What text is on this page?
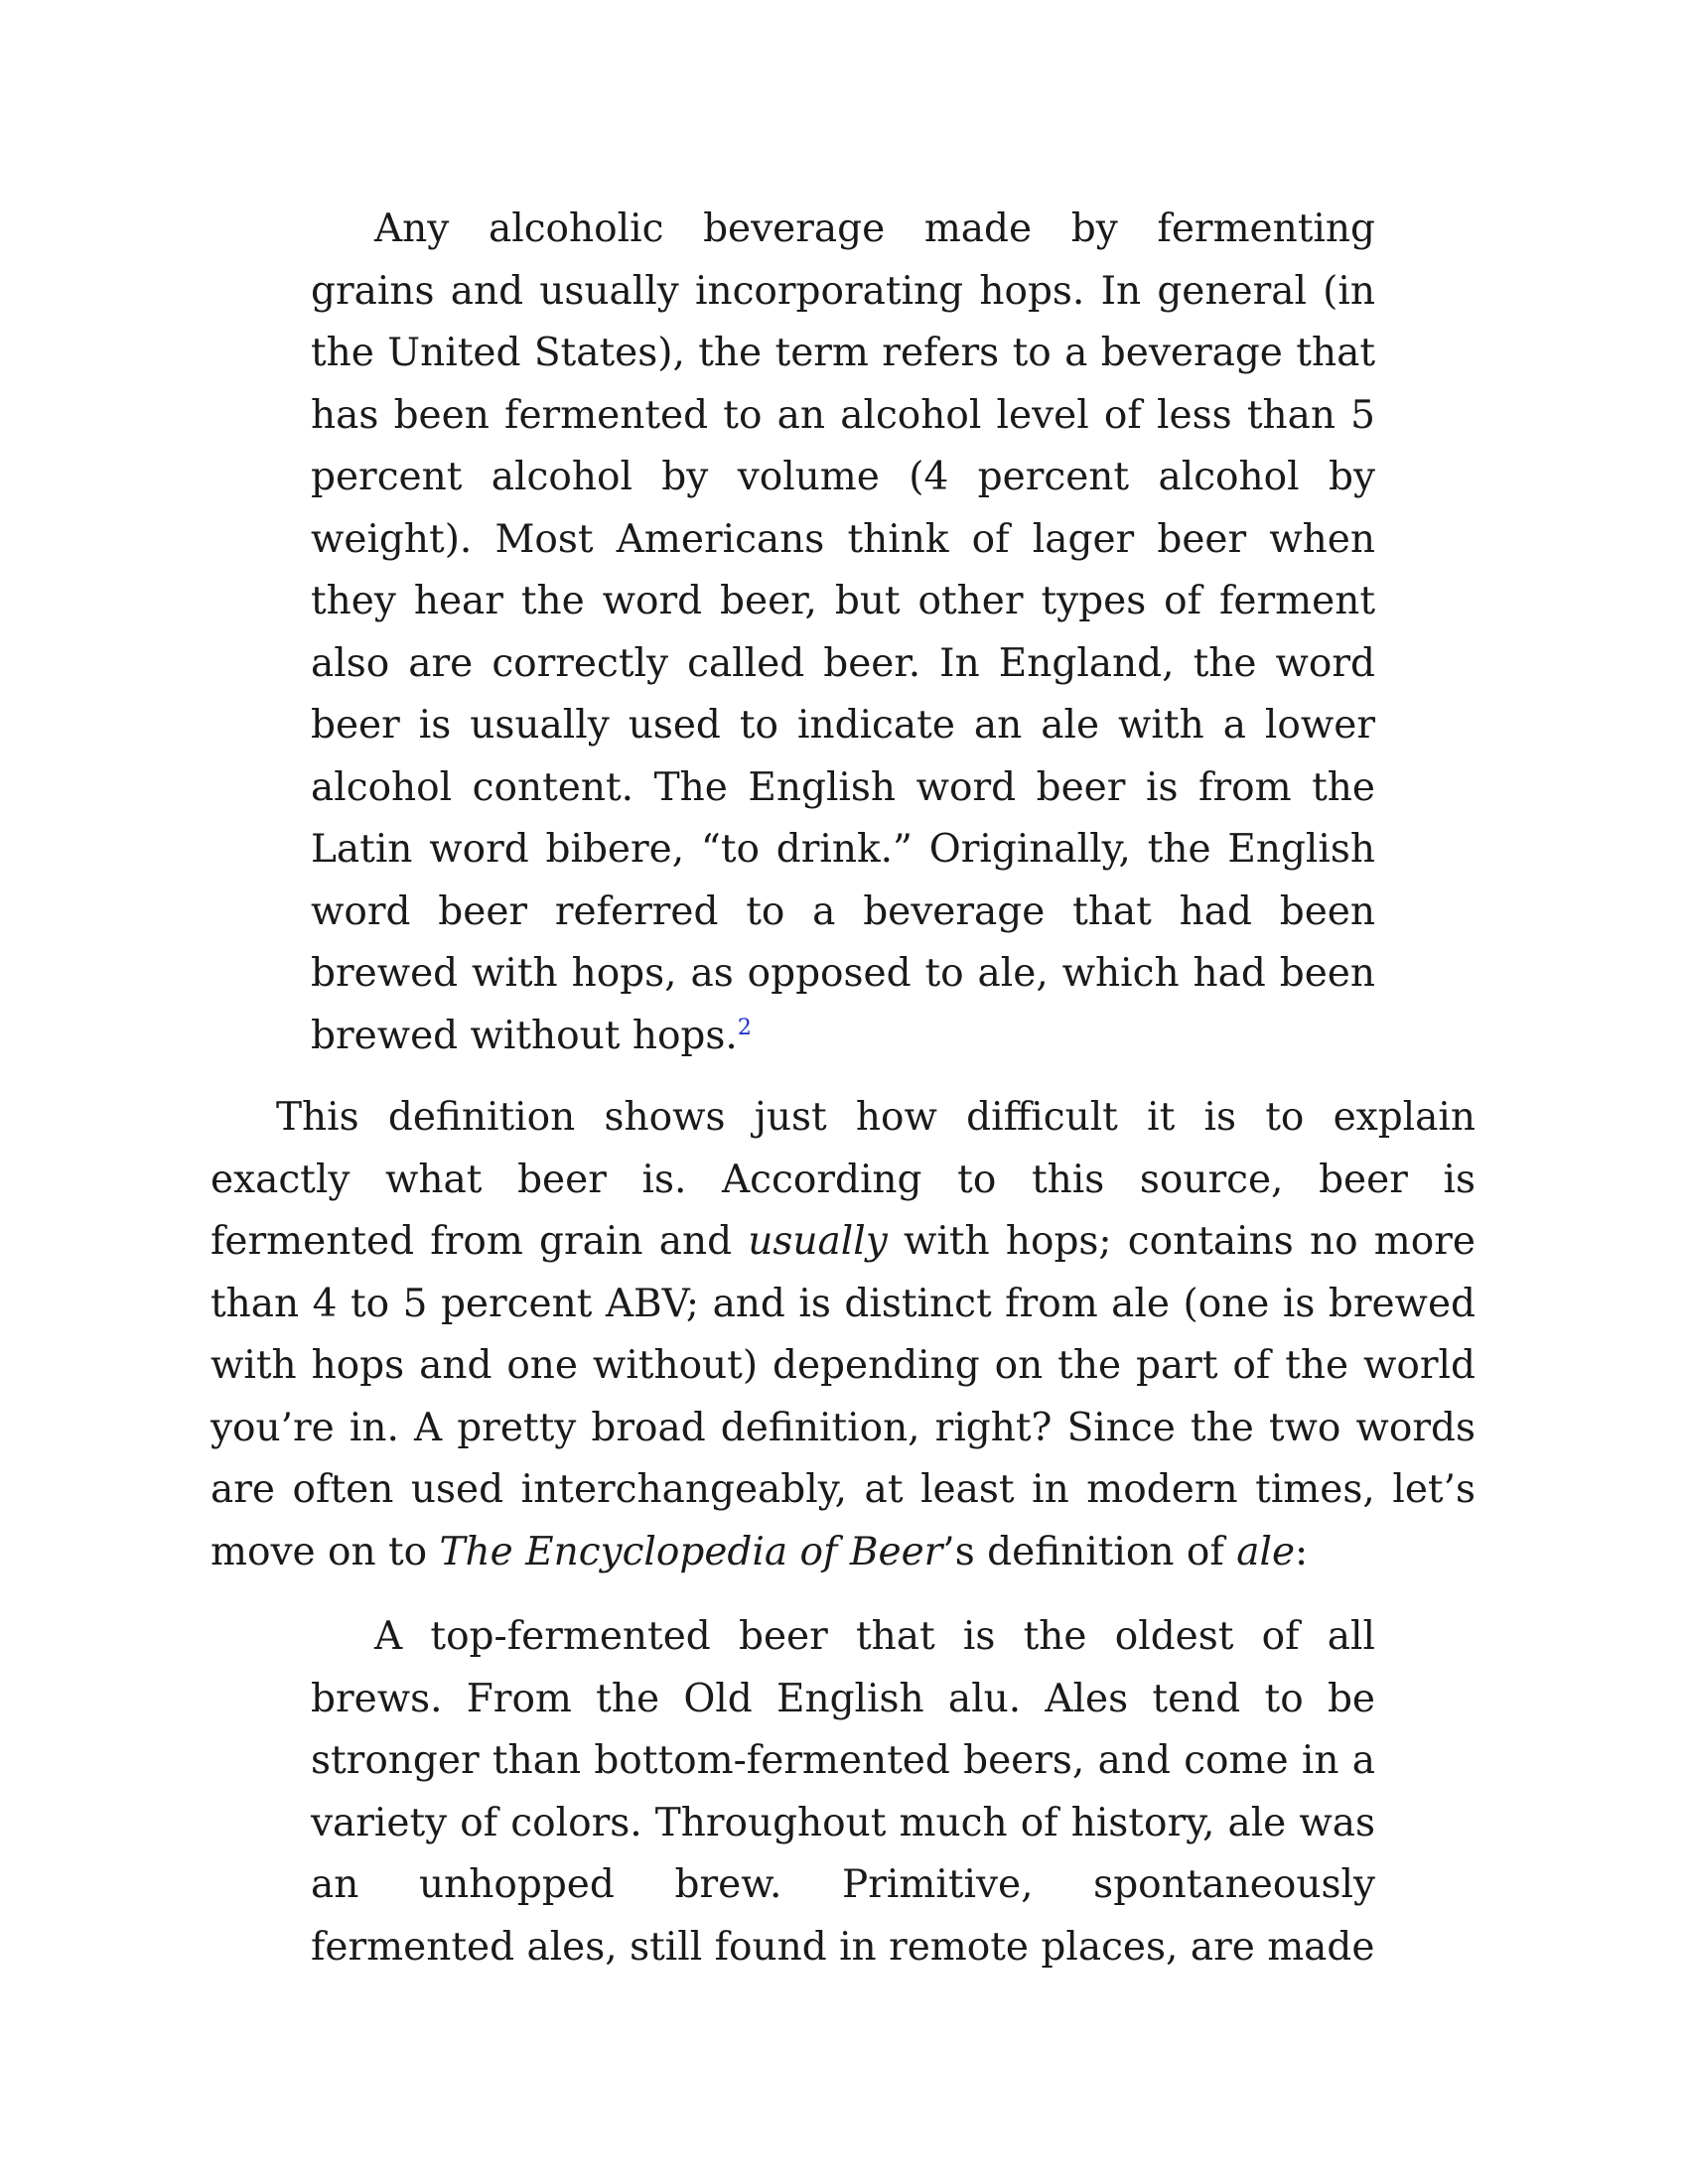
Any alcoholic beverage made by fermenting grains and usually incorporating hops. In general (in the United States), the term refers to a beverage that has been fermented to an alcohol level of less than 5 percent alcohol by volume (4 percent alcohol by weight). Most Americans think of lager beer when they hear the word beer, but other types of ferment also are correctly called beer. In England, the word beer is usually used to indicate an ale with a lower alcohol content. The English word beer is from the Latin word bibere, “to drink.” Originally, the English word beer referred to a beverage that had been brewed with hops, as opposed to ale, which had been brewed without hops.$^2$

This definition shows just how difficult it is to explain exactly what beer is. According to this source, beer is fermented from grain and usually with hops; contains no more than 4 to 5 percent ABV; and is distinct from ale (one is brewed with hops and one without) depending on the part of the world you’re in. A pretty broad definition, right? Since the two words are often used interchangeably, at least in modern times, let’s move on to The Encyclopedia of Beer’s definition of ale:

A top-fermented beer that is the oldest of all brews. From the Old English alu. Ales tend to be stronger than bottom-fermented beers, and come in a variety of colors. Throughout much of history, ale was an unhopped brew. Primitive, spontaneously fermented ales, still found in remote places, are made
